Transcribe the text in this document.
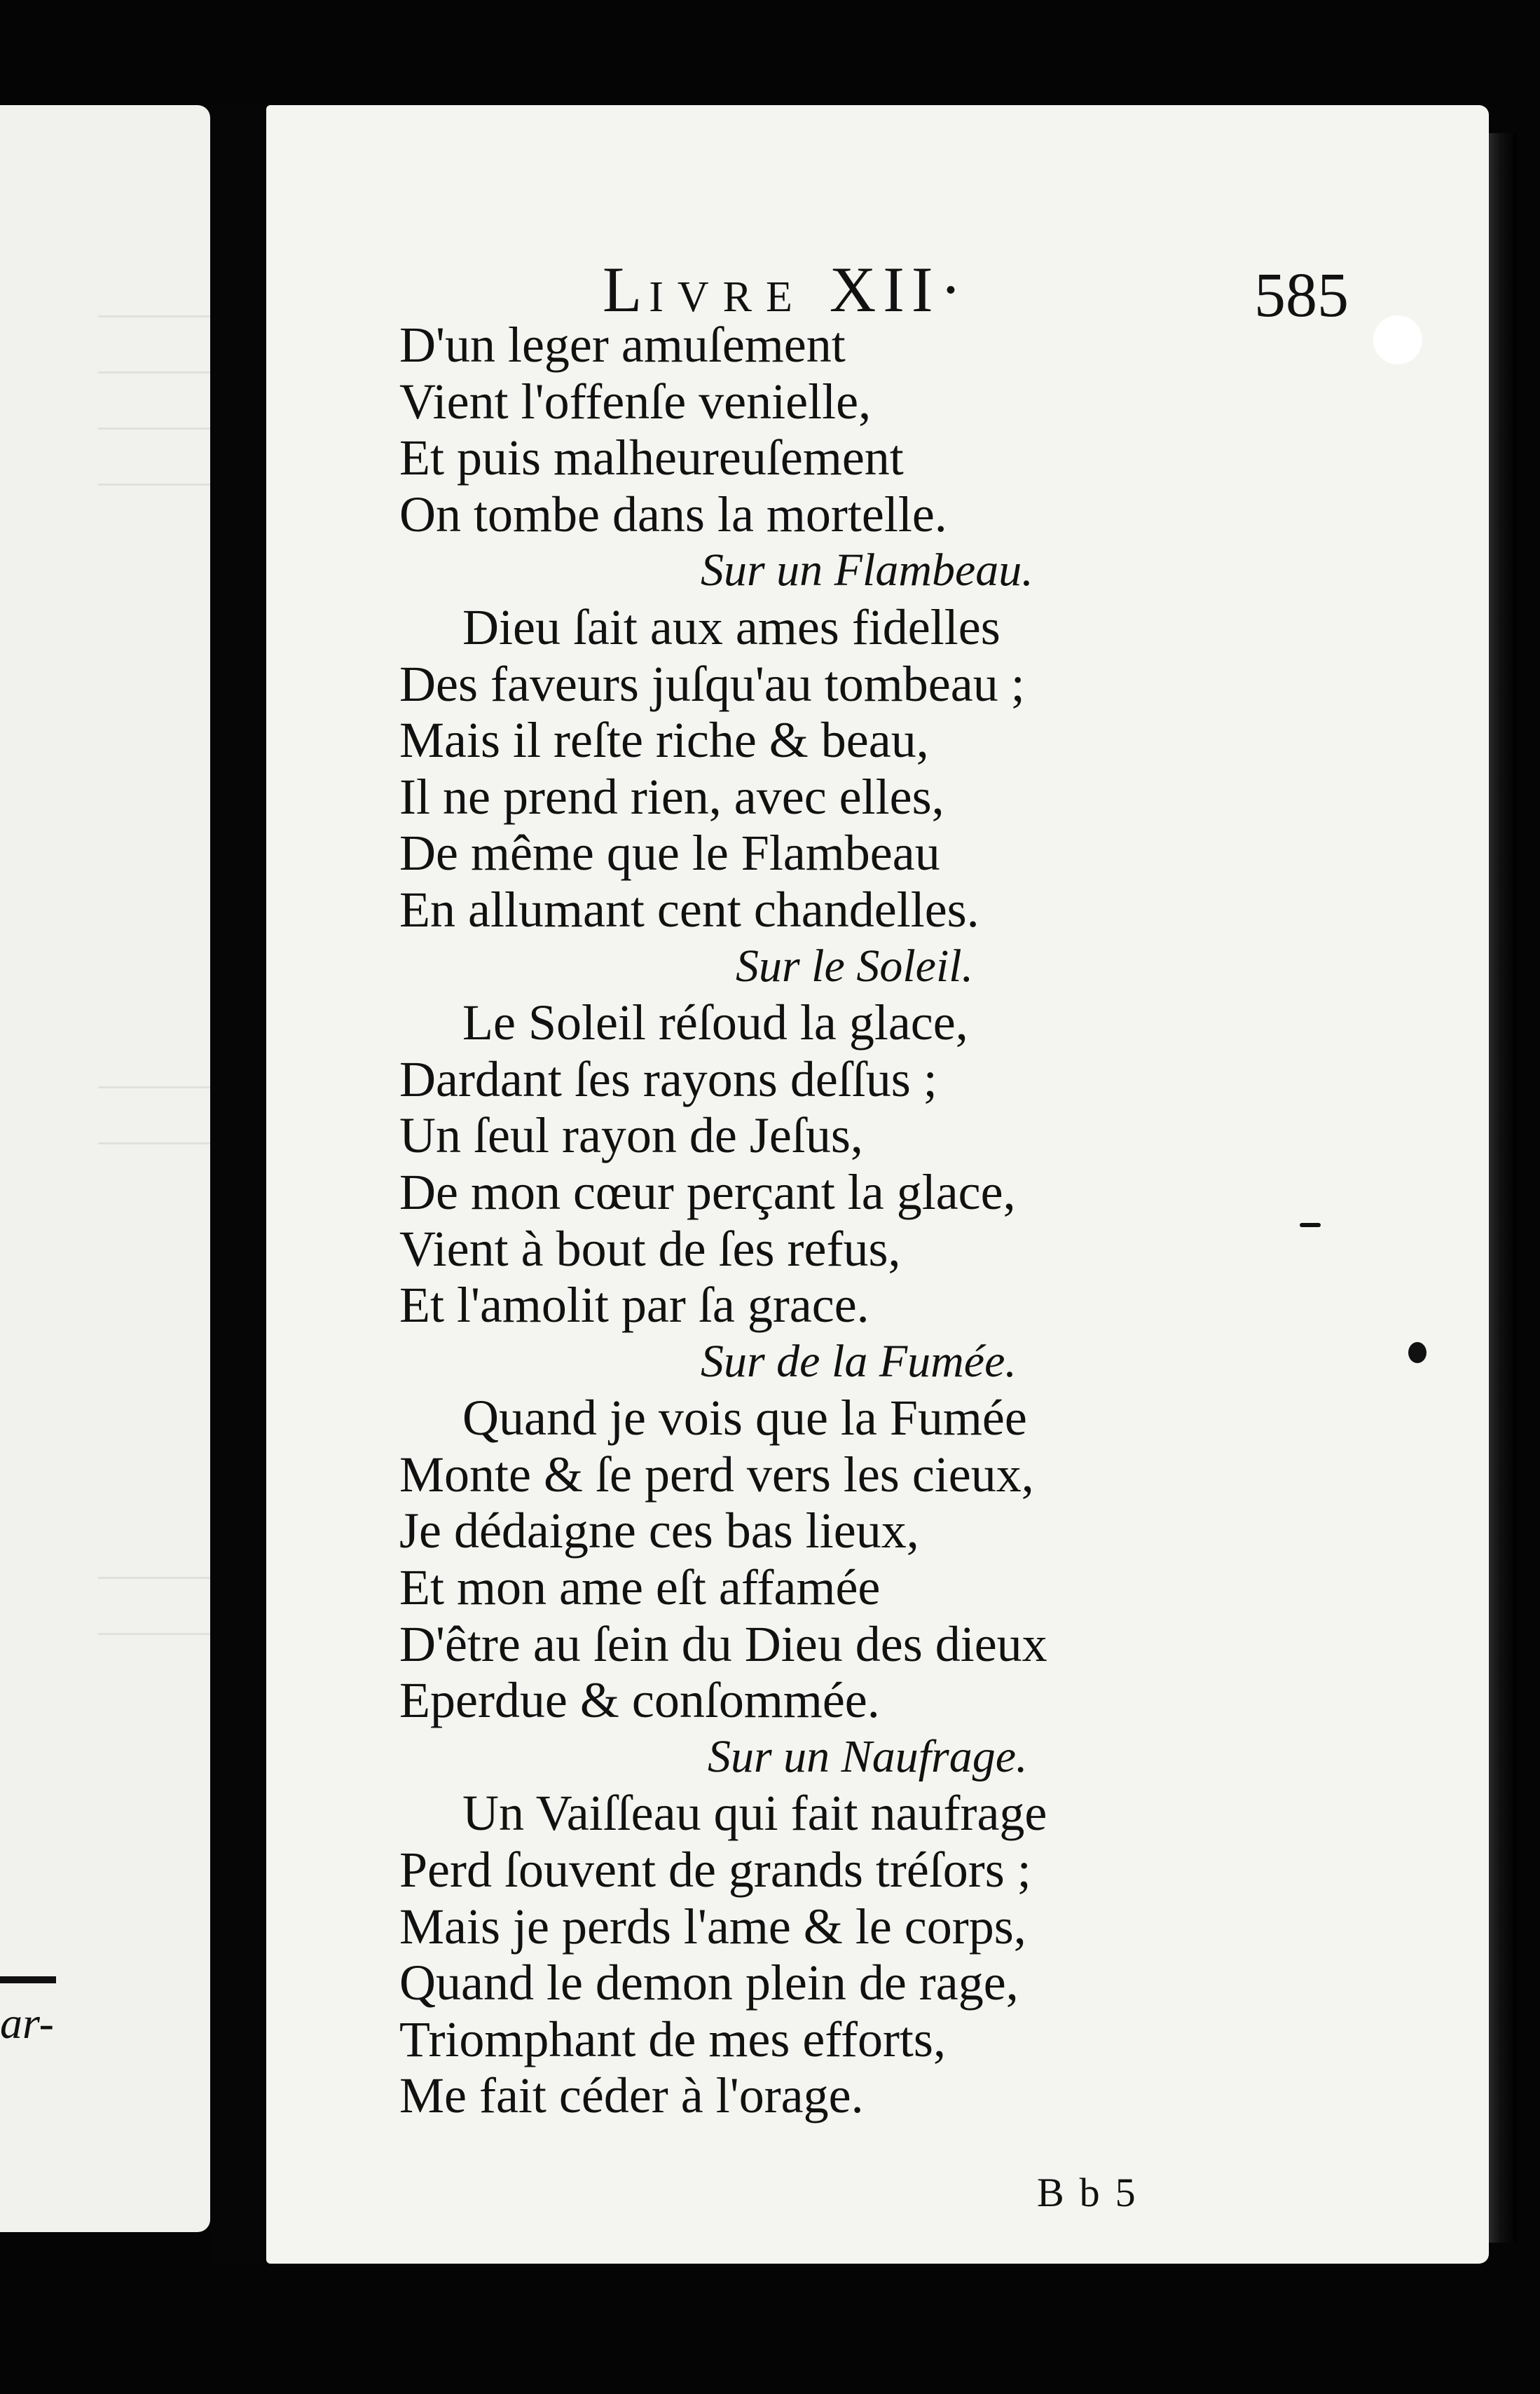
ar-
LIVRE XII·	585
D'un leger amuſement
Vient l'offenſe venielle,
Et puis malheureuſement
On tombe dans la mortelle.
Sur un Flambeau.
Dieu ſait aux ames fidelles
Des faveurs juſqu'au tombeau ;
Mais il reſte riche & beau,
Il ne prend rien, avec elles,
De même que le Flambeau
En allumant cent chandelles.
Sur le Soleil.
Le Soleil réſoud la glace,
Dardant ſes rayons deſſus ;
Un ſeul rayon de Jeſus,
De mon cœur perçant la glace,
Vient à bout de ſes refus,
Et l'amolit par ſa grace.
Sur de la Fumée.
Quand je vois que la Fumée
Monte & ſe perd vers les cieux,
Je dédaigne ces bas lieux,
Et mon ame eſt affamée
D'être au ſein du Dieu des dieux
Eperdue & conſommée.
Sur un Naufrage.
Un Vaiſſeau qui fait naufrage
Perd ſouvent de grands tréſors ;
Mais je perds l'ame & le corps,
Quand le demon plein de rage,
Triomphant de mes efforts,
Me fait céder à l'orage.
Bb5
